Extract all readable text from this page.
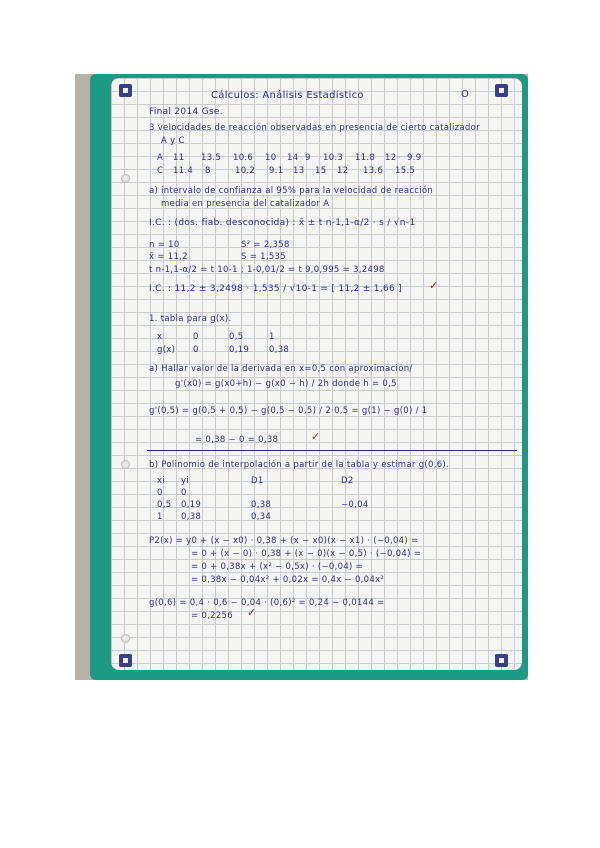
Cálculos: Análisis Estadístico	O
Final 2014 Gse.
3 velocidades de reacción observadas en presencia de cierto catalizador
A y C
A 11 13.5 10.6 10 14 9 10.3 11.8 12 9.9
C 11.4 8	10.2 9.1 13 15 12 13.6 15.5
a) intervalo de confianza al 95% para la velocidad de reacción
media en presencia del catalizador A
I.C. : (dos. fiab. desconocida) : x̄ ± t n-1,1-α/2 · s / √n-1
n = 10	S² = 2,358
x̄ = 11,2	S = 1,535
t n-1,1-α/2 = t 10-1 ; 1-0,01/2 = t 9,0,995 = 3,2498
I.C. : 11,2 ± 3,2498 · 1,535 / √10-1 = [ 11,2 ± 1,66 ] ✓
1. tabla para g(x).
x	0	0,5	1
g(x) 0	0,19 0,38
a) Hallar valor de la derivada en x=0,5 con aproximación/
g'(x0) = g(x0+h) − g(x0 − h) / 2h donde h = 0,5
g'(0,5) = g(0,5 + 0,5) − g(0,5 − 0,5) / 2·0,5 = g(1) − g(0) / 1
= 0,38 − 0 = 0,38	✓
b) Polinomio de interpolación a partir de la tabla y estimar g(0,6).
xi yi	D1	D2
0 0
0,5 0,19	0,38	−0,04
1 0,38	0,34
P2(x) = y0 + (x − x0) · 0,38 + (x − x0)(x − x1) · (−0,04) =
= 0 + (x − 0) · 0,38 + (x − 0)(x − 0,5) · (−0,04) =
= 0 + 0,38x + (x² − 0,5x) · (−0,04) =
= 0,38x − 0,04x² + 0,02x = 0,4x − 0,04x²
g(0,6) = 0,4 · 0,6 − 0,04 · (0,6)² = 0,24 − 0,0144 =
= 0,2256 ✓
